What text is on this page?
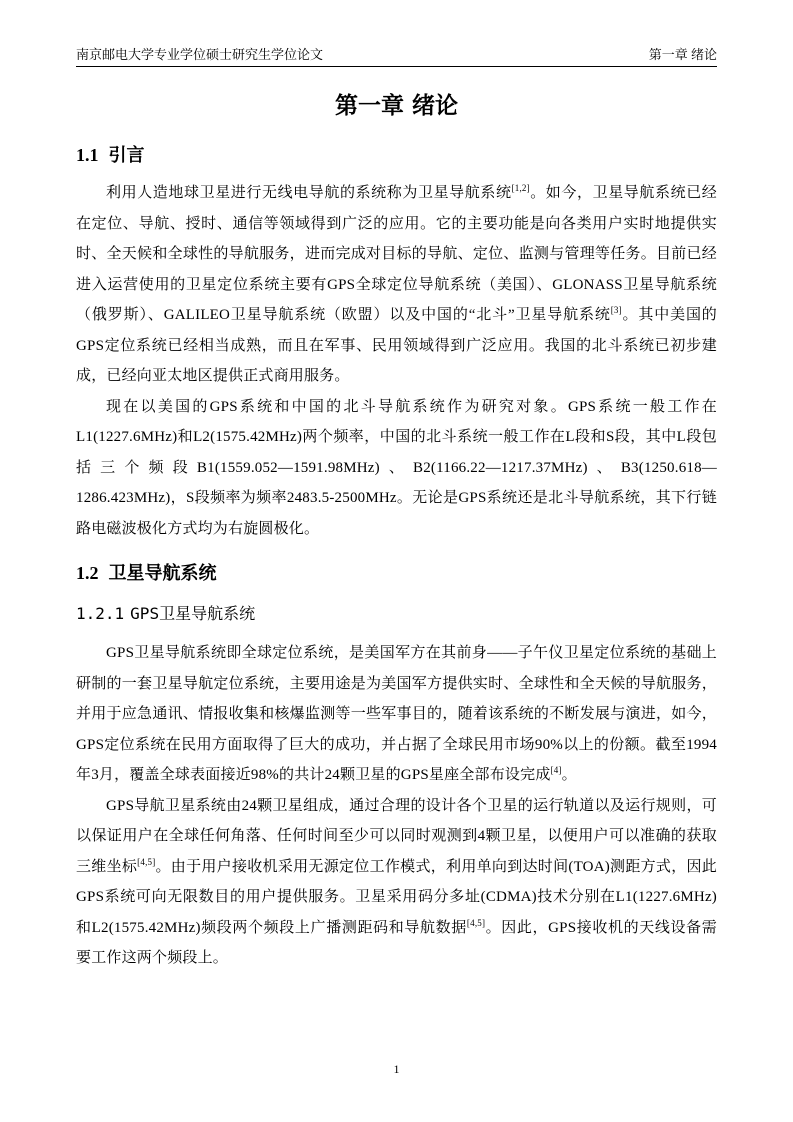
南京邮电大学专业学位硕士研究生学位论文	第一章 绪论
第一章 绪论
1.1 引言

利用人造地球卫星进行无线电导航的系统称为卫星导航系统[1,2]。如今，卫星导航系统已经在定位、导航、授时、通信等领域得到广泛的应用。它的主要功能是向各类用户实时地提供实时、全天候和全球性的导航服务，进而完成对目标的导航、定位、监测与管理等任务。目前已经进入运营使用的卫星定位系统主要有GPS全球定位导航系统（美国）、GLONASS卫星导航系统（俄罗斯）、GALILEO卫星导航系统（欧盟）以及中国的“北斗”卫星导航系统[3]。其中美国的GPS定位系统已经相当成熟，而且在军事、民用领域得到广泛应用。我国的北斗系统已初步建成，已经向亚太地区提供正式商用服务。

现在以美国的GPS系统和中国的北斗导航系统作为研究对象。GPS系统一般工作在L1(1227.6MHz)和L2(1575.42MHz)两个频率，中国的北斗系统一般工作在L段和S段，其中L段包括三个频段B1(1559.052—1591.98MHz)、B2(1166.22—1217.37MHz)、B3(1250.618—1286.423MHz)，S段频率为频率2483.5-2500MHz。无论是GPS系统还是北斗导航系统，其下行链路电磁波极化方式均为右旋圆极化。

1.2 卫星导航系统
1.2.1 GPS卫星导航系统

GPS卫星导航系统即全球定位系统，是美国军方在其前身——子午仪卫星定位系统的基础上研制的一套卫星导航定位系统，主要用途是为美国军方提供实时、全球性和全天候的导航服务，并用于应急通讯、情报收集和核爆监测等一些军事目的，随着该系统的不断发展与演进，如今，GPS定位系统在民用方面取得了巨大的成功，并占据了全球民用市场90%以上的份额。截至1994年3月，覆盖全球表面接近98%的共计24颗卫星的GPS星座全部布设完成[4]。

GPS导航卫星系统由24颗卫星组成，通过合理的设计各个卫星的运行轨道以及运行规则，可以保证用户在全球任何角落、任何时间至少可以同时观测到4颗卫星，以便用户可以准确的获取三维坐标[4,5]。由于用户接收机采用无源定位工作模式，利用单向到达时间(TOA)测距方式，因此GPS系统可向无限数目的用户提供服务。卫星采用码分多址(CDMA)技术分别在L1(1227.6MHz)和L2(1575.42MHz)频段两个频段上广播测距码和导航数据[4,5]。因此，GPS接收机的天线设备需要工作这两个频段上。

1
